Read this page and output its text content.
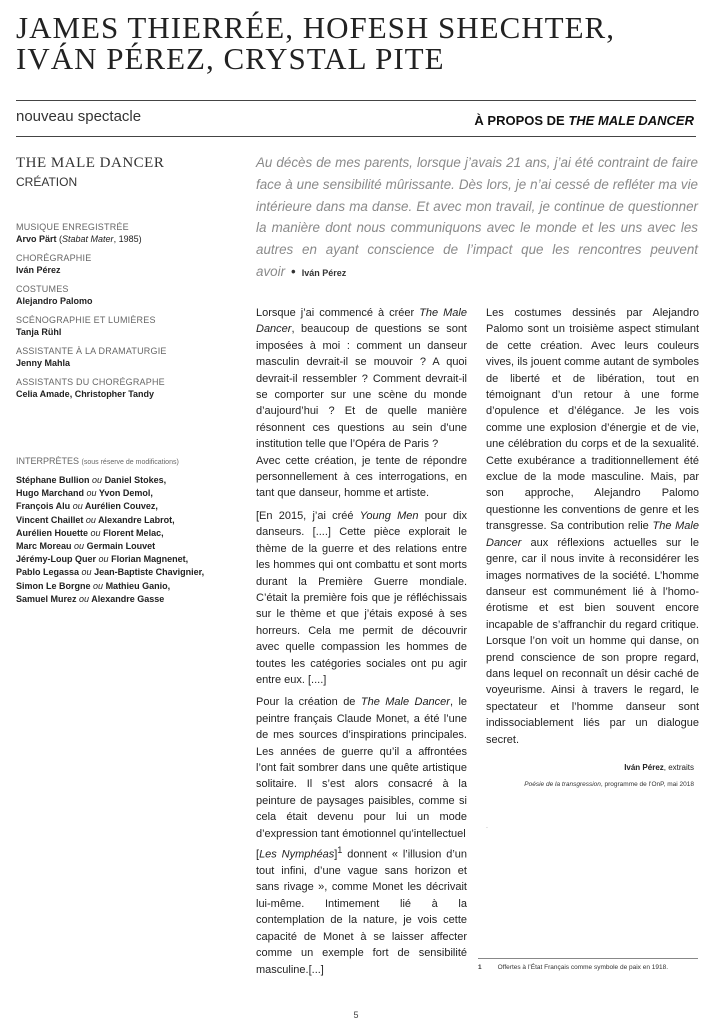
JAMES THIERRÉE, HOFESH SHECHTER,
IVÁN PÉREZ, CRYSTAL PITE
nouveau spectacle	À PROPOS DE THE MALE DANCER
THE MALE DANCER
CRÉATION
MUSIQUE ENREGISTRÉE
Arvo Pärt (Stabat Mater, 1985)
CHORÉGRAPHIE
Iván Pérez
COSTUMES
Alejandro Palomo
SCÉNOGRAPHIE ET LUMIÈRES
Tanja Rühl
ASSISTANTE À LA DRAMATURGIE
Jenny Mahla
ASSISTANTS DU CHORÉGRAPHE
Celia Amade, Christopher Tandy
INTERPRÈTES (sous réserve de modifications)
Stéphane Bullion ou Daniel Stokes,
Hugo Marchand ou Yvon Demol,
François Alu ou Aurélien Couvez,
Vincent Chaillet ou Alexandre Labrot,
Aurélien Houette ou Florent Melac,
Marc Moreau ou Germain Louvet
Jérémy-Loup Quer ou Florian Magnenet,
Pablo Legassa ou Jean-Baptiste Chavignier,
Simon Le Borgne ou Mathieu Ganio,
Samuel Murez ou Alexandre Gasse
Au décès de mes parents, lorsque j’avais 21 ans, j’ai été contraint de faire face à une sensibilité mûrissante. Dès lors, je n’ai cessé de refléter ma vie intérieure dans ma danse. Et avec mon travail, je continue de questionner la manière dont nous communiquons avec le monde et les uns avec les autres en ayant conscience de l’impact que les rencontres peuvent avoir • Iván Pérez

Lorsque j’ai commencé à créer The Male Dancer, beaucoup de questions se sont imposées à moi : comment un danseur masculin devrait-il se mouvoir ? A quoi devrait-il ressembler ? Comment devrait-il se comporter sur une scène du monde d’aujourd’hui ? Et de quelle manière résonnent ces questions au sein d’une institution telle que l’Opéra de Paris ?
Avec cette création, je tente de répondre personnellement à ces interrogations, en tant que danseur, homme et artiste.

[En 2015, j’ai créé Young Men pour dix danseurs. [....] Cette pièce explorait le thème de la guerre et des relations entre les hommes qui ont combattu et sont morts durant la Première Guerre mondiale. C’était la première fois que je réfléchissais sur le thème et que j’étais exposé à ses horreurs. Cela me permit de découvrir avec quelle compassion les hommes de toutes les catégories sociales ont pu agir entre eux. [....]

Pour la création de The Male Dancer, le peintre français Claude Monet, a été l’une de mes sources d’inspirations principales. Les années de guerre qu’il a affrontées l’ont fait sombrer dans une quête artistique solitaire. Il s’est alors consacré à la peinture de paysages paisibles, comme si cela était devenu pour lui un mode d’expression tant émotionnel qu’intellectuel
[Les Nymphéas]$^1$ donnent « l’illusion d’un tout infini, d’une vague sans horizon et sans rivage », comme Monet les décrivait lui-même. Intimement lié à la contemplation de la nature, je vois cette capacité de Monet à se laisser affecter comme un exemple fort de sensibilité masculine.[...]

Les costumes dessinés par Alejandro Palomo sont un troisième aspect stimulant de cette création. Avec leurs couleurs vives, ils jouent comme autant de symboles de liberté et de libération, tout en témoignant d’un retour à une forme d’opulence et d’élégance. Je les vois comme une explosion d’énergie et de vie, une célébration du corps et de la sexualité. Cette exubérance a traditionnellement été exclue de la mode masculine. Mais, par son approche, Alejandro Palomo questionne les conventions de genre et les transgresse. Sa contribution relie The Male Dancer aux réflexions actuelles sur le genre, car il nous invite à reconsidérer les images normatives de la société. L’homme danseur est communément lié à l’homo-érotisme et est bien souvent encore incapable de s’affranchir du regard critique. Lorsque l’on voit un homme qui danse, on prend conscience de son propre regard, dans lequel on reconnaît un désir caché de voyeurisme. Ainsi à travers le regard, le spectateur et l’homme danseur sont indissociablement liés par un dialogue secret.

Iván Pérez, extraits
Poésie de la transgression, programme de l’OnP, mai 2018
.
1 Offertes à l’État Français comme symbole de paix en 1918.
5
